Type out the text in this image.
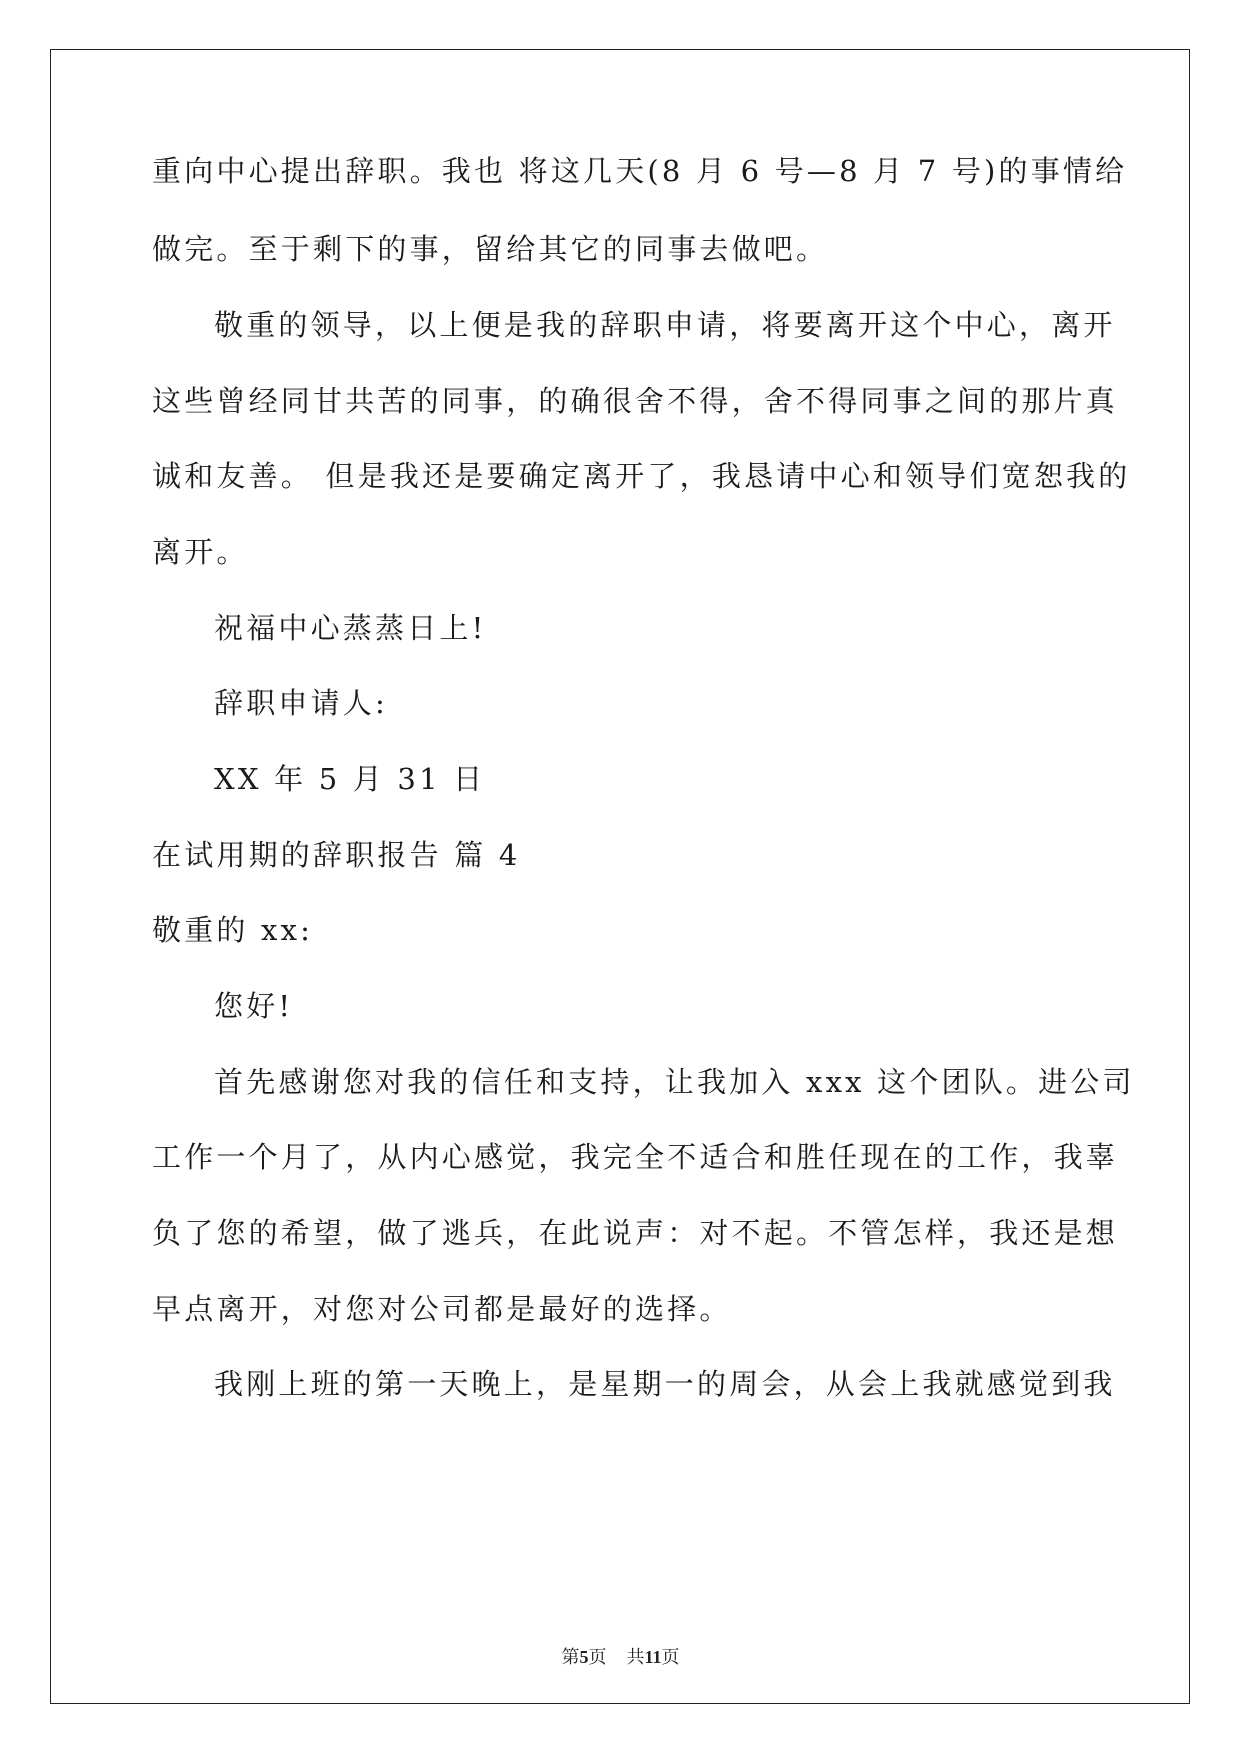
重向中心提出辞职。我也 将这几天(8 月 6 号—8 月 7 号)的事情给
做完。至于剩下的事，留给其它的同事去做吧。
敬重的领导，以上便是我的辞职申请，将要离开这个中心，离开
这些曾经同甘共苦的同事，的确很舍不得，舍不得同事之间的那片真
诚和友善。 但是我还是要确定离开了，我恳请中心和领导们宽恕我的
离开。
祝福中心蒸蒸日上!
辞职申请人:
XX 年 5 月 31 日
在试用期的辞职报告 篇 4
敬重的 xx:
您好!
首先感谢您对我的信任和支持，让我加入 xxx 这个团队。进公司
工作一个月了，从内心感觉，我完全不适合和胜任现在的工作，我辜
负了您的希望，做了逃兵，在此说声：对不起。不管怎样，我还是想
早点离开，对您对公司都是最好的选择。
我刚上班的第一天晚上，是星期一的周会，从会上我就感觉到我
第5页 共11页
